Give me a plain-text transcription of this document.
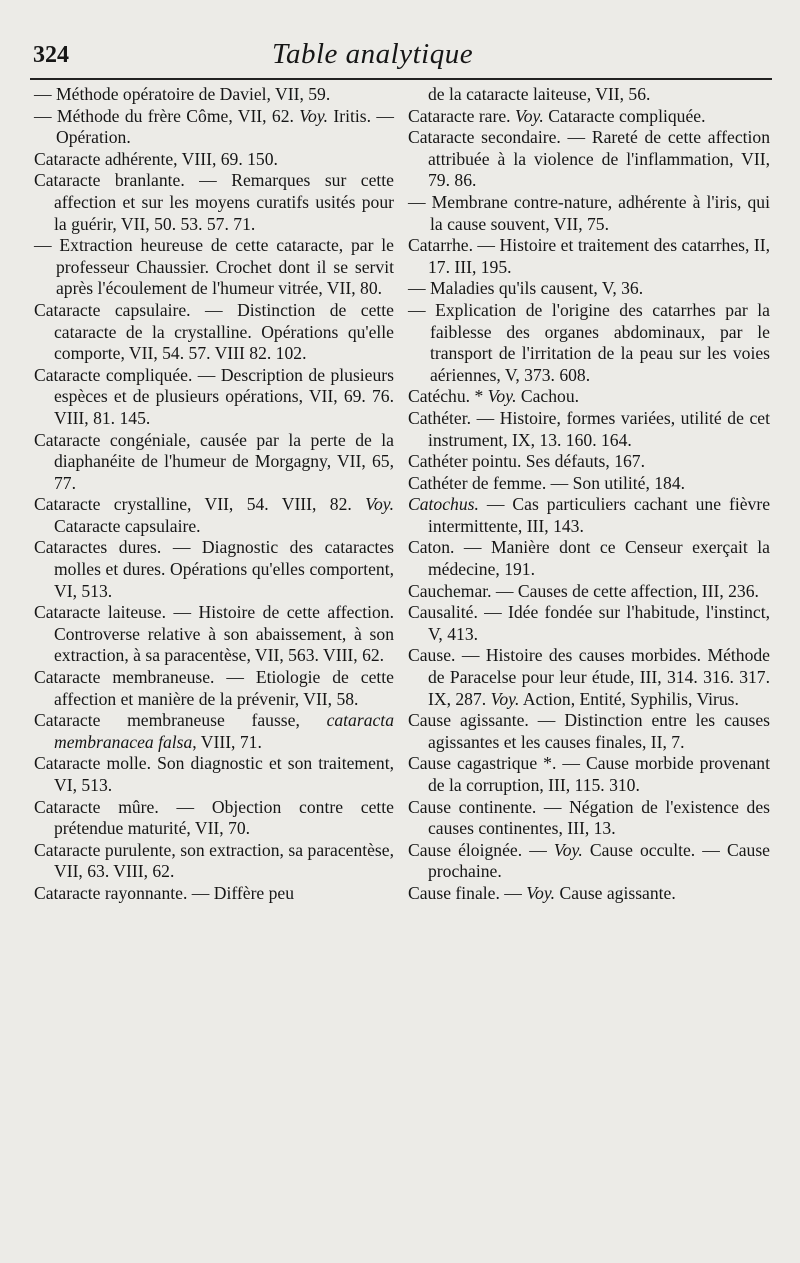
324	Table analytique

— Méthode opératoire de Daviel, VII, 59.

— Méthode du frère Côme, VII, 62. Voy. Iritis. — Opération.

Cataracte adhérente, VIII, 69. 150.

Cataracte branlante. — Remarques sur cette affection et sur les moyens curatifs usités pour la guérir, VII, 50. 53. 57. 71.

— Extraction heureuse de cette cataracte, par le professeur Chaussier. Crochet dont il se servit après l'écoulement de l'humeur vitrée, VII, 80.

Cataracte capsulaire. — Distinction de cette cataracte de la crystalline. Opérations qu'elle comporte, VII, 54. 57. VIII 82. 102.

Cataracte compliquée. — Description de plusieurs espèces et de plusieurs opérations, VII, 69. 76. VIII, 81. 145.

Cataracte congéniale, causée par la perte de la diaphanéite de l'humeur de Morgagny, VII, 65, 77.

Cataracte crystalline, VII, 54. VIII, 82. Voy. Cataracte capsulaire.

Cataractes dures. — Diagnostic des cataractes molles et dures. Opérations qu'elles comportent, VI, 513.

Cataracte laiteuse. — Histoire de cette affection. Controverse relative à son abaissement, à son extraction, à sa paracentèse, VII, 563. VIII, 62.

Cataracte membraneuse. — Etiologie de cette affection et manière de la prévenir, VII, 58.

Cataracte membraneuse fausse, cataracta membranacea falsa, VIII, 71.

Cataracte molle. Son diagnostic et son traitement, VI, 513.

Cataracte mûre. — Objection contre cette prétendue maturité, VII, 70.

Cataracte purulente, son extraction, sa paracentèse, VII, 63. VIII, 62.

Cataracte rayonnante. — Diffère peu

de la cataracte laiteuse, VII, 56.

Cataracte rare. Voy. Cataracte compliquée.

Cataracte secondaire. — Rareté de cette affection attribuée à la violence de l'inflammation, VII, 79. 86.

— Membrane contre-nature, adhérente à l'iris, qui la cause souvent, VII, 75.

Catarrhe. — Histoire et traitement des catarrhes, II, 17. III, 195.

— Maladies qu'ils causent, V, 36.

— Explication de l'origine des catarrhes par la faiblesse des organes abdominaux, par le transport de l'irritation de la peau sur les voies aériennes, V, 373. 608.

Catéchu. * Voy. Cachou.

Cathéter. — Histoire, formes variées, utilité de cet instrument, IX, 13. 160. 164.

Cathéter pointu. Ses défauts, 167.

Cathéter de femme. — Son utilité, 184.

Catochus. — Cas particuliers cachant une fièvre intermittente, III, 143.

Caton. — Manière dont ce Censeur exerçait la médecine, 191.

Cauchemar. — Causes de cette affection, III, 236.

Causalité. — Idée fondée sur l'habitude, l'instinct, V, 413.

Cause. — Histoire des causes morbides. Méthode de Paracelse pour leur étude, III, 314. 316. 317. IX, 287. Voy. Action, Entité, Syphilis, Virus.

Cause agissante. — Distinction entre les causes agissantes et les causes finales, II, 7.

Cause cagastrique *. — Cause morbide provenant de la corruption, III, 115. 310.

Cause continente. — Négation de l'existence des causes continentes, III, 13.

Cause éloignée. — Voy. Cause occulte. — Cause prochaine.

Cause finale. — Voy. Cause agissante.
